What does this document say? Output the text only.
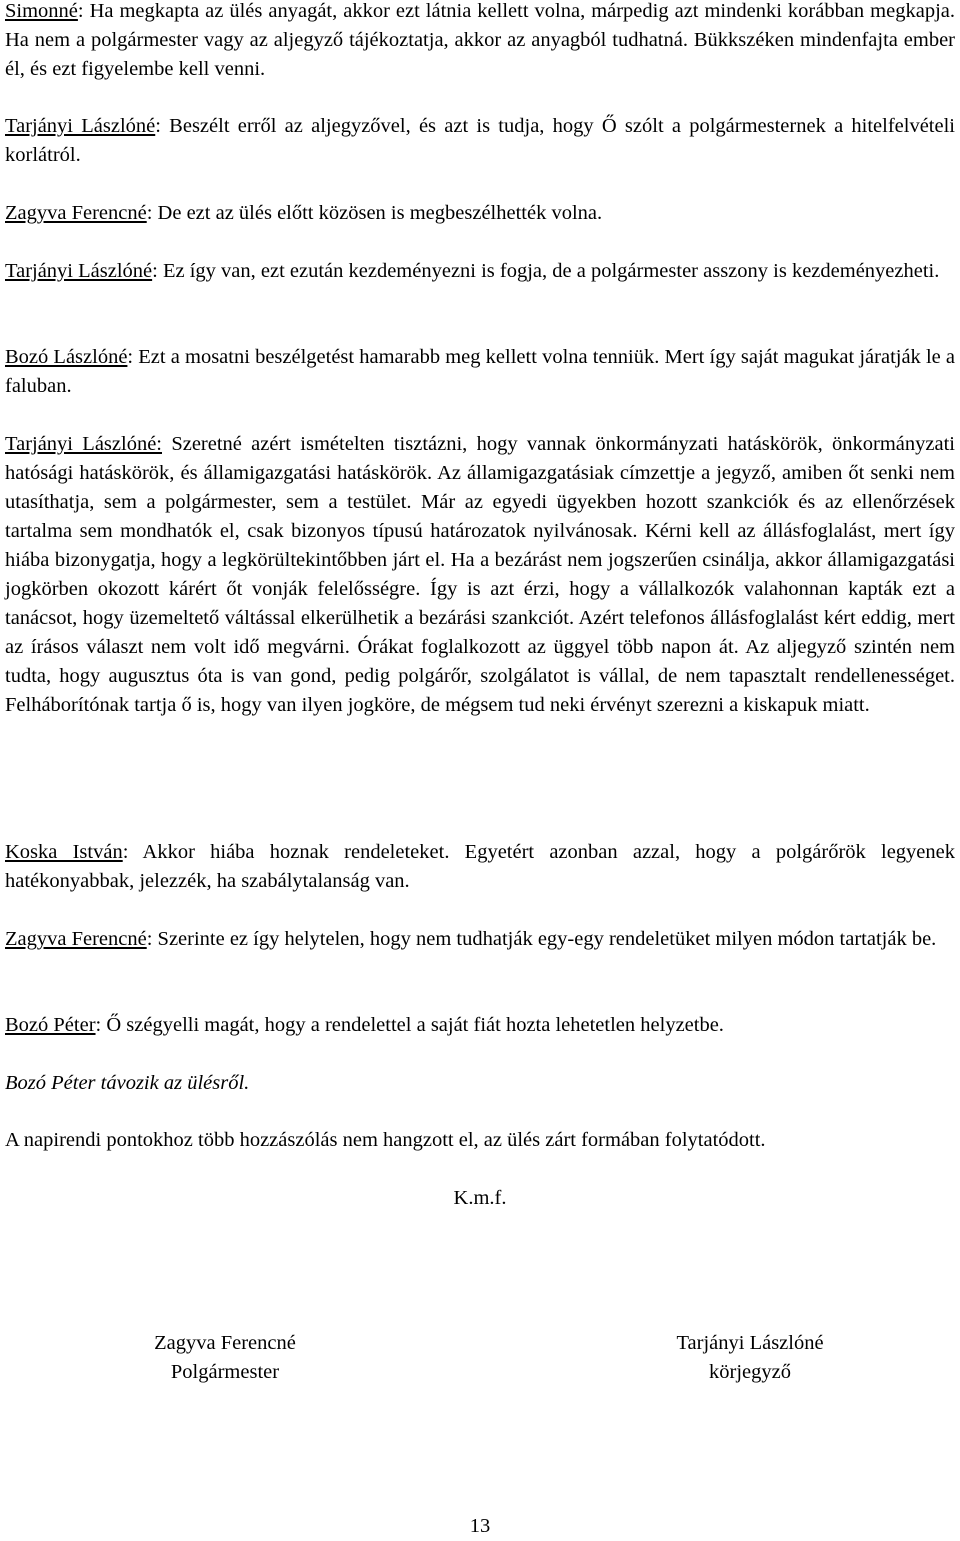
Simonné: Ha megkapta az ülés anyagát, akkor ezt látnia kellett volna, márpedig azt mindenki korábban megkapja. Ha nem a polgármester vagy az aljegyző tájékoztatja, akkor az anyagból tudhatná. Bükkszéken mindenfajta ember él, és ezt figyelembe kell venni.

Tarjányi Lászlóné: Beszélt erről az aljegyzővel, és azt is tudja, hogy Ő szólt a polgármesternek a hitelfelvételi korlátról.

Zagyva Ferencné: De ezt az ülés előtt közösen is megbeszélhették volna.

Tarjányi Lászlóné: Ez így van, ezt ezután kezdeményezni is fogja, de a polgármester asszony is kezdeményezheti.

Bozó Lászlóné: Ezt a mosatni beszélgetést hamarabb meg kellett volna tenniük. Mert így saját magukat járatják le a faluban.

Tarjányi Lászlóné: Szeretné azért ismételten tisztázni, hogy vannak önkormányzati hatáskörök, önkormányzati hatósági hatáskörök, és államigazgatási hatáskörök. Az államigazgatásiak címzettje a jegyző, amiben őt senki nem utasíthatja, sem a polgármester, sem a testület. Már az egyedi ügyekben hozott szankciók és az ellenőrzések tartalma sem mondhatók el, csak bizonyos típusú határozatok nyilvánosak. Kérni kell az állásfoglalást, mert így hiába bizonygatja, hogy a legkörültekintőbben járt el. Ha a bezárást nem jogszerűen csinálja, akkor államigazgatási jogkörben okozott kárért őt vonják felelősségre. Így is azt érzi, hogy a vállalkozók valahonnan kapták ezt a tanácsot, hogy üzemeltető váltással elkerülhetik a bezárási szankciót. Azért telefonos állásfoglalást kért eddig, mert az írásos választ nem volt idő megvárni. Órákat foglalkozott az üggyel több napon át. Az aljegyző szintén nem tudta, hogy augusztus óta is van gond, pedig polgárőr, szolgálatot is vállal, de nem tapasztalt rendellenességet. Felháborítónak tartja ő is, hogy van ilyen jogköre, de mégsem tud neki érvényt szerezni a kiskapuk miatt.

Koska István: Akkor hiába hoznak rendeleteket. Egyetért azonban azzal, hogy a polgárőrök legyenek hatékonyabbak, jelezzék, ha szabálytalanság van.

Zagyva Ferencné: Szerinte ez így helytelen, hogy nem tudhatják egy-egy rendeletüket milyen módon tartatják be.

Bozó Péter: Ő szégyelli magát, hogy a rendelettel a saját fiát hozta lehetetlen helyzetbe.

Bozó Péter távozik az ülésről.

A napirendi pontokhoz több hozzászólás nem hangzott el, az ülés zárt formában folytatódott.

K.m.f.

Zagyva Ferencné
Polgármester
Tarjányi Lászlóné
körjegyző
13
